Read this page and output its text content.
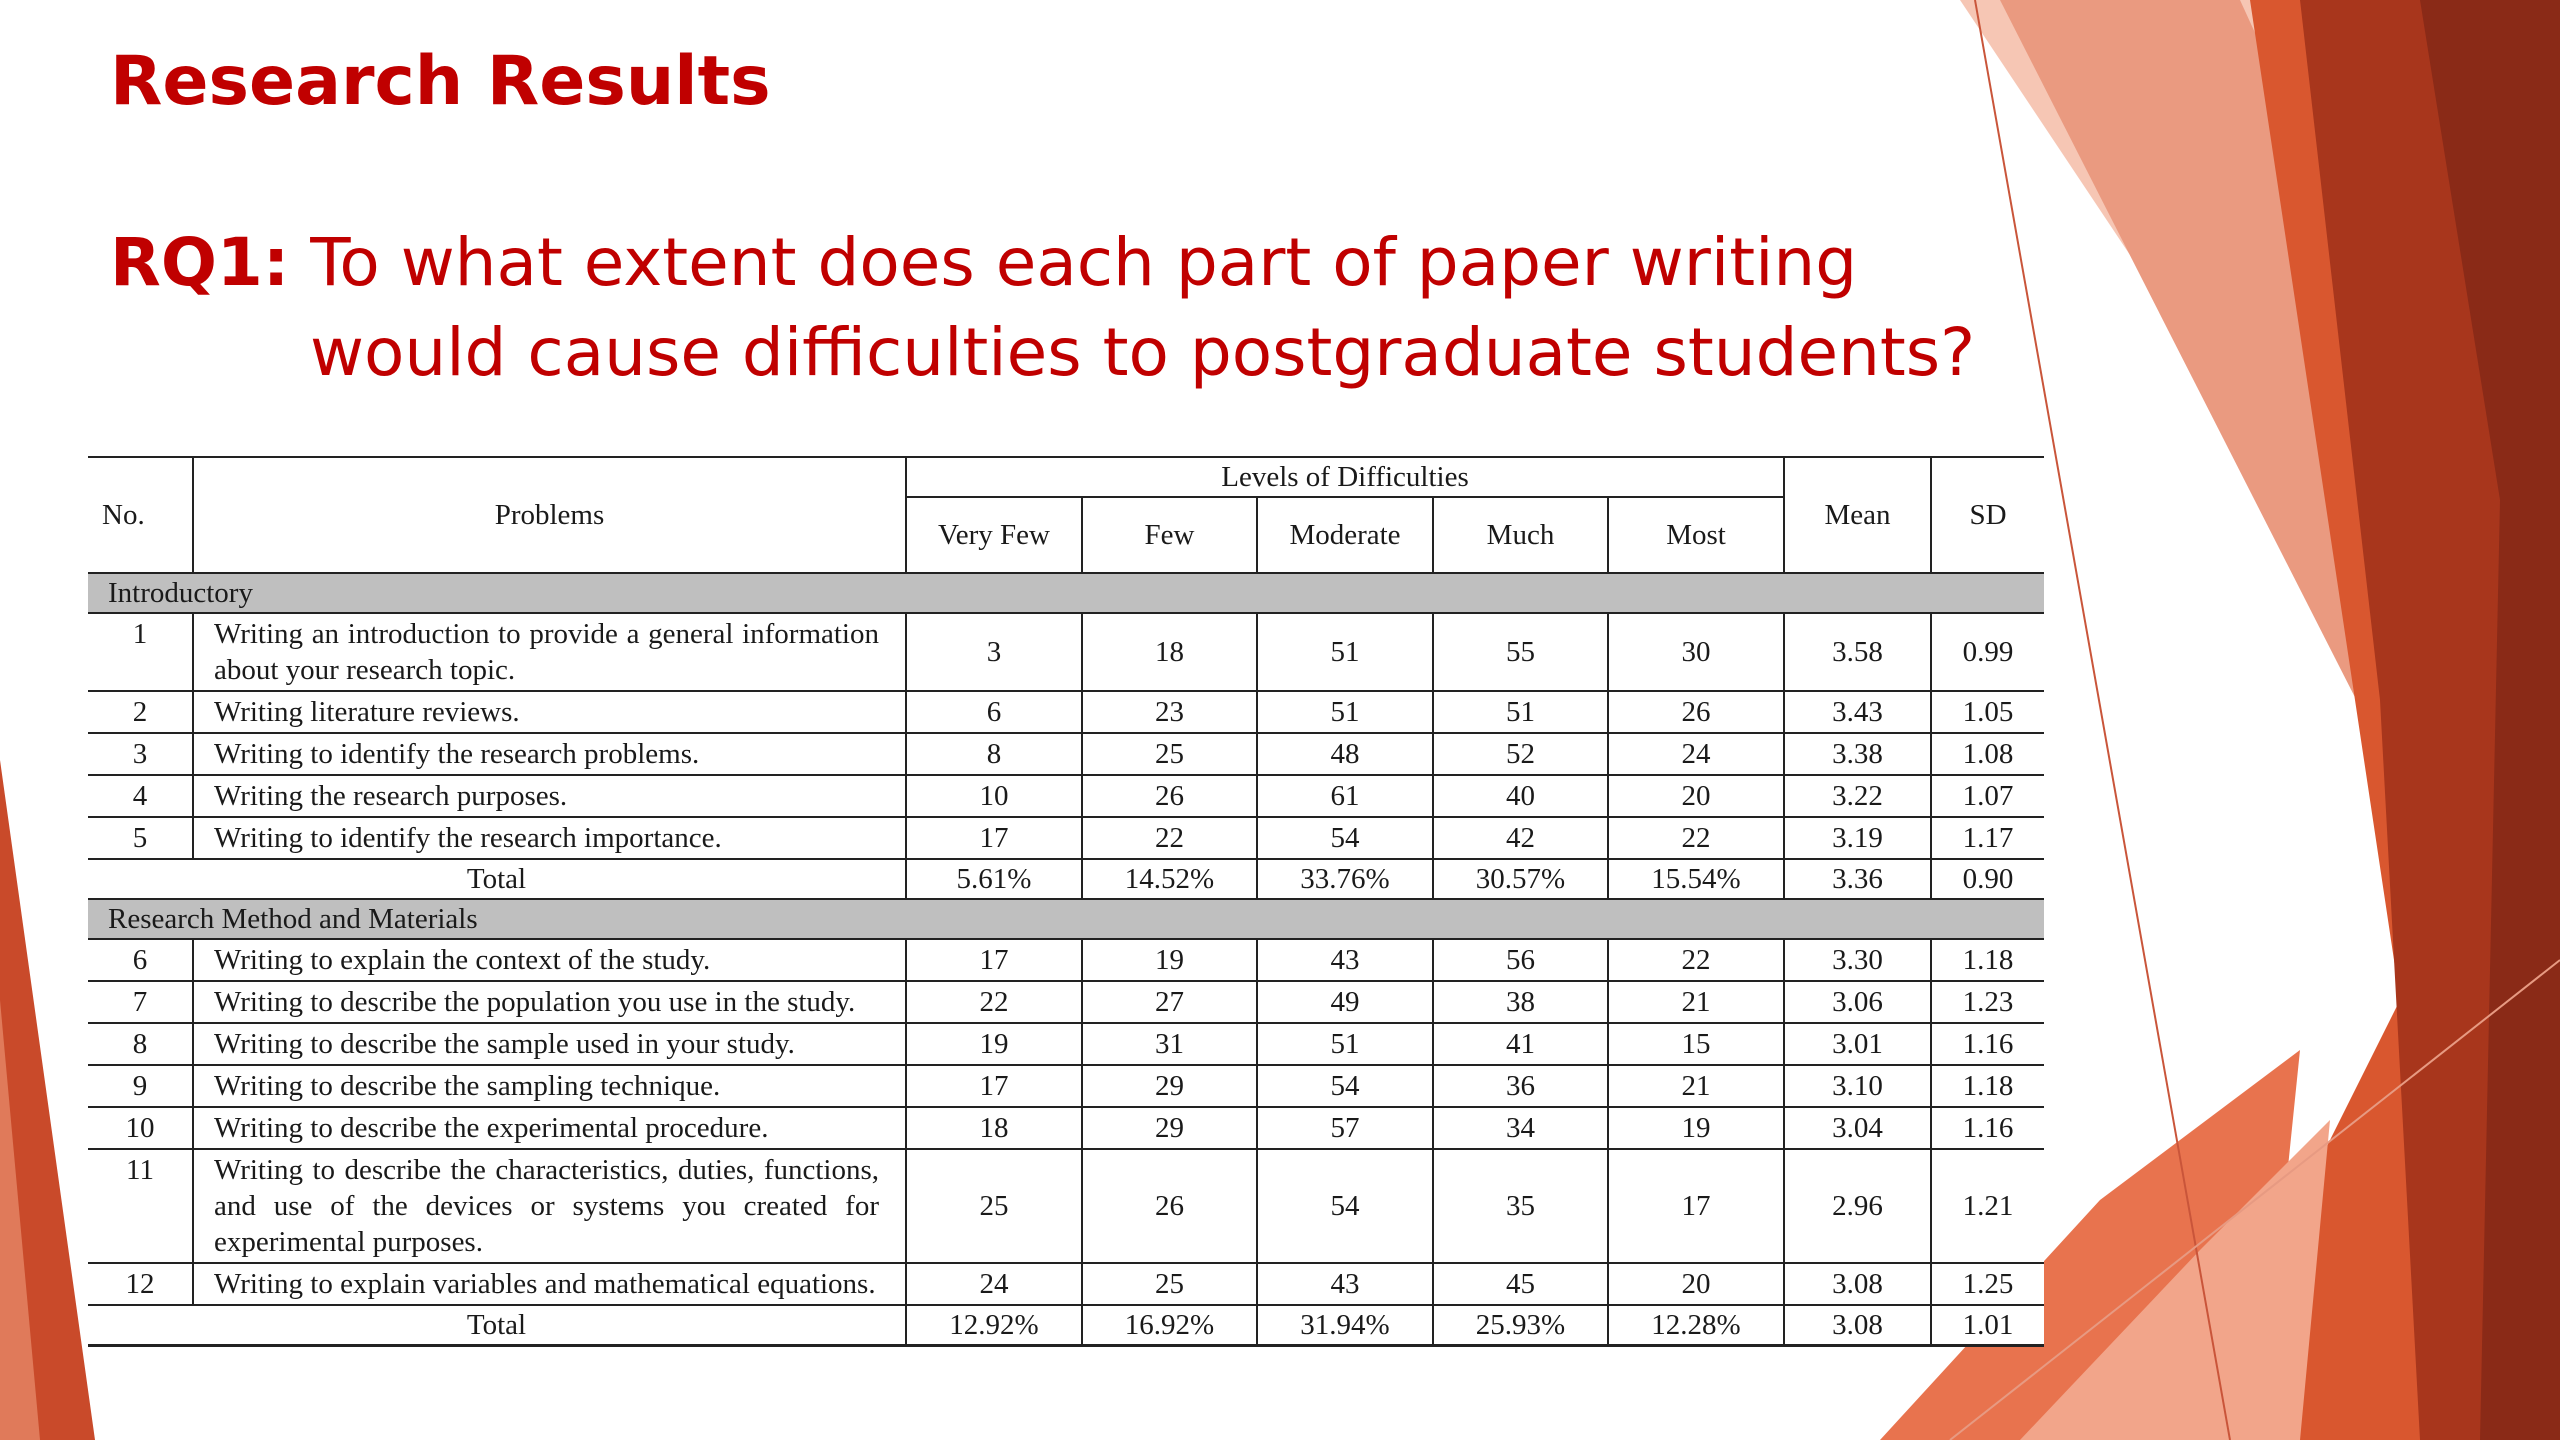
Research Results

RQ1: To what extent does each part of paper writing
would cause difficulties to postgraduate students?

No.	Problems	Levels of Difficulties					Mean	SD
		Very Few	Few	Moderate	Much	Most		
Introductory								
1	Writing an introduction to provide a general information about your research topic.	3	18	51	55	30	3.58	0.99
2	Writing literature reviews.	6	23	51	51	26	3.43	1.05
3	Writing to identify the research problems.	8	25	48	52	24	3.38	1.08
4	Writing the research purposes.	10	26	61	40	20	3.22	1.07
5	Writing to identify the research importance.	17	22	54	42	22	3.19	1.17
Total		5.61%	14.52%	33.76%	30.57%	15.54%	3.36	0.90
Research Method and Materials								
6	Writing to explain the context of the study.	17	19	43	56	22	3.30	1.18
7	Writing to describe the population you use in the study.	22	27	49	38	21	3.06	1.23
8	Writing to describe the sample used in your study.	19	31	51	41	15	3.01	1.16
9	Writing to describe the sampling technique.	17	29	54	36	21	3.10	1.18
10	Writing to describe the experimental procedure.	18	29	57	34	19	3.04	1.16
11	Writing to describe the characteristics, duties, functions, and use of the devices or systems you created for experimental purposes.	25	26	54	35	17	2.96	1.21
12	Writing to explain variables and mathematical equations.	24	25	43	45	20	3.08	1.25
Total		12.92%	16.92%	31.94%	25.93%	12.28%	3.08	1.01
